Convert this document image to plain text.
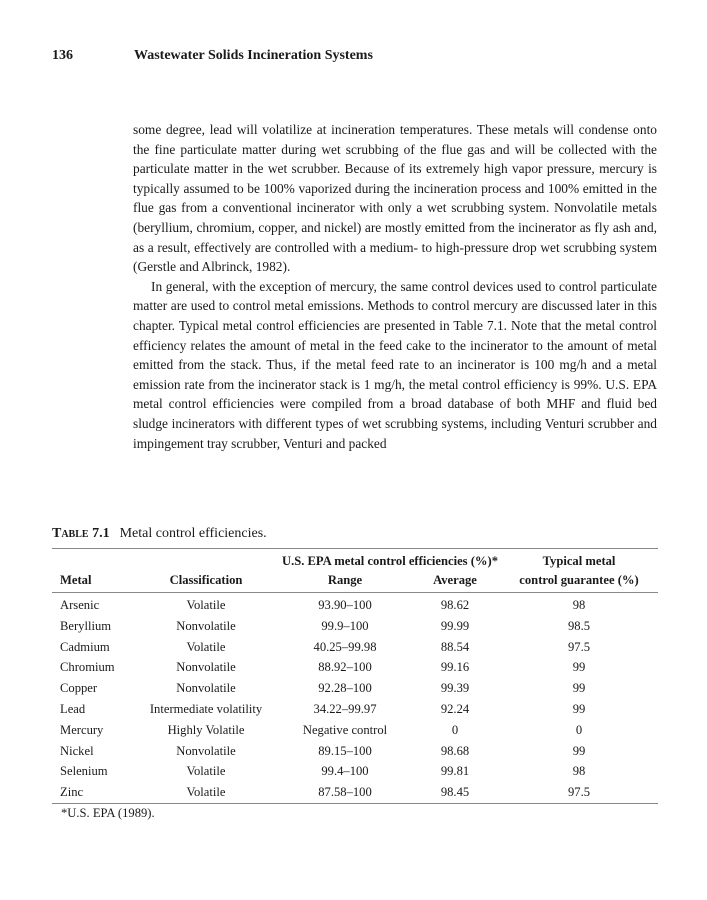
136	Wastewater Solids Incineration Systems

some degree, lead will volatilize at incineration temperatures. These metals will condense onto the fine particulate matter during wet scrubbing of the flue gas and will be collected with the particulate matter in the wet scrubber. Because of its extremely high vapor pressure, mercury is typically assumed to be 100% vaporized during the incineration process and 100% emitted in the flue gas from a conventional incinerator with only a wet scrubbing system. Nonvolatile metals (beryllium, chromium, copper, and nickel) are mostly emitted from the incinerator as fly ash and, as a result, effectively are controlled with a medium- to high-pressure drop wet scrubbing system (Gerstle and Albrinck, 1982).

In general, with the exception of mercury, the same control devices used to control particulate matter are used to control metal emissions. Methods to control mercury are discussed later in this chapter. Typical metal control efficiencies are presented in Table 7.1. Note that the metal control efficiency relates the amount of metal in the feed cake to the incinerator to the amount of metal emitted from the stack. Thus, if the metal feed rate to an incinerator is 100 mg/h and a metal emission rate from the incinerator stack is 1 mg/h, the metal control efficiency is 99%. U.S. EPA metal control efficiencies were compiled from a broad database of both MHF and fluid bed sludge incinerators with different types of wet scrubbing systems, including Venturi scrubber and impingement tray scrubber, Venturi and packed

Table 7.1 Metal control efficiencies.
		U.S. EPA metal control efficiencies (%)*		Typical metal
Metal	Classification	Range	Average	control guarantee (%)
Arsenic	Volatile	93.90–100	98.62	98
Beryllium	Nonvolatile	99.9–100	99.99	98.5
Cadmium	Volatile	40.25–99.98	88.54	97.5
Chromium	Nonvolatile	88.92–100	99.16	99
Copper	Nonvolatile	92.28–100	99.39	99
Lead	Intermediate volatility	34.22–99.97	92.24	99
Mercury	Highly Volatile	Negative control	0	0
Nickel	Nonvolatile	89.15–100	98.68	99
Selenium	Volatile	99.4–100	99.81	98
Zinc	Volatile	87.58–100	98.45	97.5
*U.S. EPA (1989).
